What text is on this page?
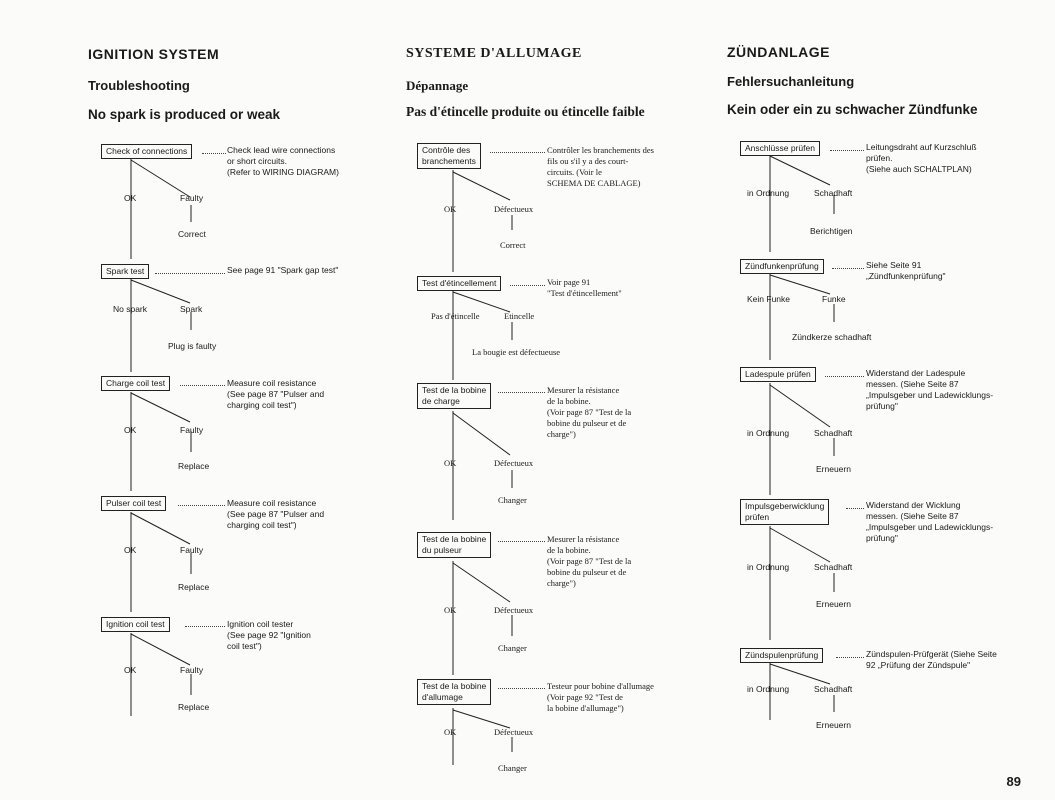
IGNITION SYSTEM
Troubleshooting
No spark is produced or weak
Check of connections	Check lead wire connections
or short circuits.
(Refer to WIRING DIAGRAM)
OK	Faulty
Correct
Spark test	See page 91 "Spark gap test"
No spark	Spark
Plug is faulty
Charge coil test	Measure coil resistance
(See page 87 "Pulser and
charging coil test")
OK	Faulty
Replace
Pulser coil test	Measure coil resistance
(See page 87 "Pulser and
charging coil test")
OK	Faulty
Replace
Ignition coil test	Ignition coil tester
(See page 92 "Ignition
coil test")
OK	Faulty
Replace
SYSTEME D'ALLUMAGE
Dépannage
Pas d'étincelle produite ou étincelle faible
Contrôle des
branchements
Contrôler les branchements des
fils ou s'il y a des court-
circuits. (Voir le
SCHEMA DE CABLAGE)
OK	Défectueux
Correct
Test d'étincellement	Voir page 91
"Test d'étincellement"
Pas d'étincelle	Etincelle
La bougie est défectueuse
Test de la bobine
de charge
Mesurer la résistance
de la bobine.
(Voir page 87 "Test de la
bobine du pulseur et de
charge")
OK	Défectueux
Changer
Test de la bobine
du pulseur
Mesurer la résistance
de la bobine.
(Voir page 87 "Test de la
bobine du pulseur et de
charge")
OK	Défectueux
Changer
Test de la bobine
d'allumage
Testeur pour bobine d'allumage
(Voir page 92 "Test de
la bobine d'allumage")
OK	Défectueux
Changer
ZÜNDANLAGE
Fehlersuchanleitung
Kein oder ein zu schwacher Zündfunke
Anschlüsse prüfen	Leitungsdraht auf Kurzschluß
prüfen.
(Siehe auch SCHALTPLAN)
in Ordnung	Schadhaft
Berichtigen
Zündfunkenprüfung	Siehe Seite 91
„Zündfunkenprüfung"
Kein Funke	Funke
Zündkerze schadhaft
Ladespule prüfen	Widerstand der Ladespule
messen. (Siehe Seite 87
„Impulsgeber und Ladewicklungs-
prüfung"
in Ordnung	Schadhaft
Erneuern
Impulsgeberwicklung
prüfen
Widerstand der Wicklung
messen. (Siehe Seite 87
„Impulsgeber und Ladewicklungs-
prüfung"
in Ordnung	Schadhaft
Erneuern
Zündspulenprüfung	Zündspulen-Prüfgerät (Siehe Seite
92 „Prüfung der Zündspule"
in Ordnung	Schadhaft
Erneuern
89
